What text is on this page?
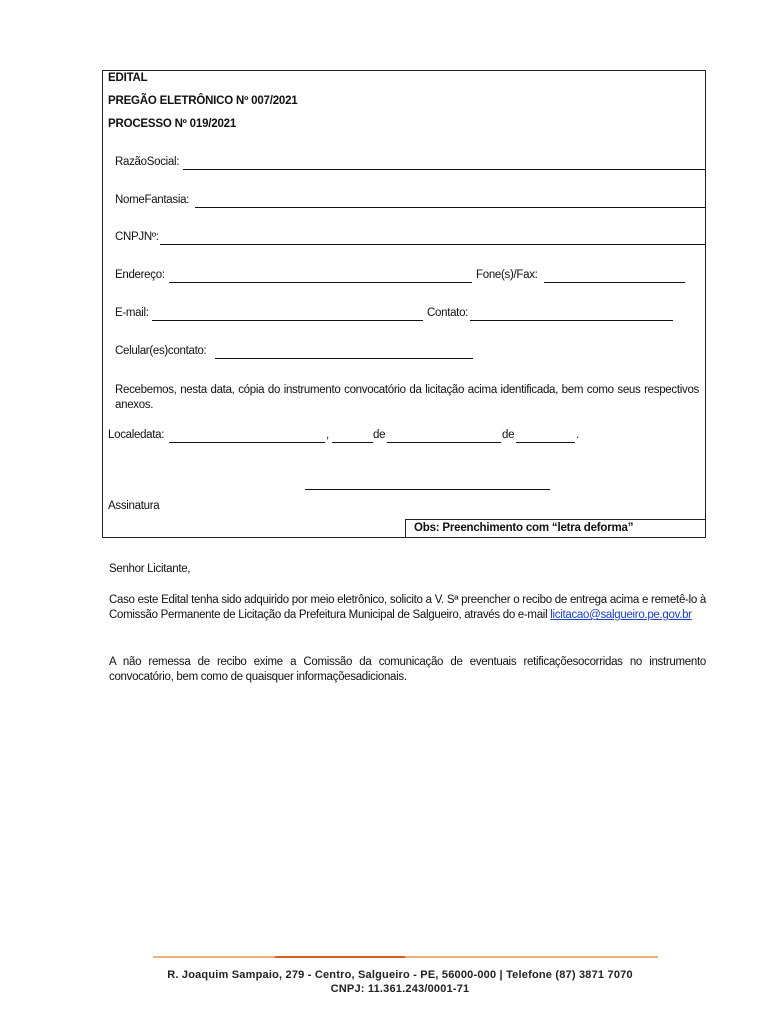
EDITAL
PREGÃO ELETRÔNICO Nº 007/2021
PROCESSO Nº 019/2021
RazãoSocial:
NomeFantasia:
CNPJNº:
Endereço:	Fone(s)/Fax:
E-mail:	Contato:
Celular(es)contato:
Recebemos, nesta data, cópia do instrumento convocatório da licitação acima identificada, bem como seus respectivos anexos.
Localedata:	,	de	de	.
Assinatura
Obs: Preenchimento com “letra deforma”
Senhor Licitante,
Caso este Edital tenha sido adquirido por meio eletrônico, solicito a V. Sª preencher o recibo de entrega acima e remetê-lo à Comissão Permanente de Licitação da Prefeitura Municipal de Salgueiro, através do e-mail licitacao@salgueiro.pe.gov.br
A não remessa de recibo exime a Comissão da comunicação de eventuais retificaçõesocorridas no instrumento convocatório, bem como de quaisquer informaçõesadicionais.
R. Joaquim Sampaio, 279 - Centro, Salgueiro - PE, 56000-000 | Telefone (87) 3871 7070
CNPJ: 11.361.243/0001-71
